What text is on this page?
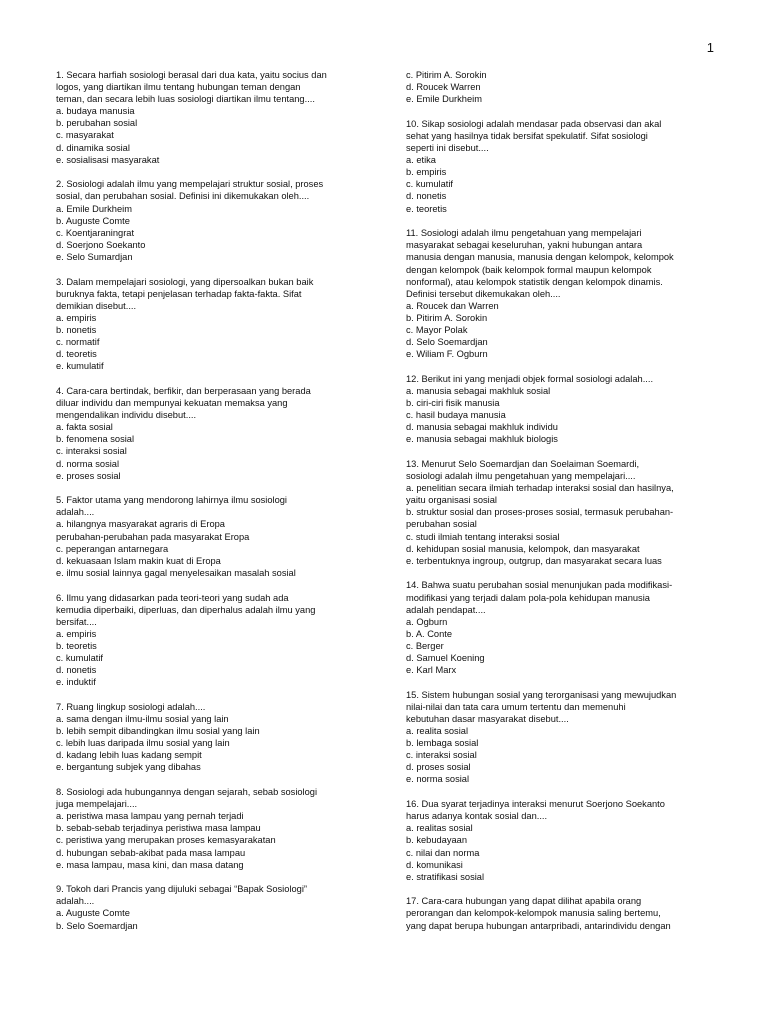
1
1. Secara harfiah sosiologi berasal dari dua kata, yaitu socius dan
logos, yang diartikan ilmu tentang hubungan teman dengan
teman, dan secara lebih luas sosiologi diartikan ilmu tentang....
a. budaya manusia
b. perubahan sosial
c. masyarakat
d. dinamika sosial
e. sosialisasi masyarakat
2. Sosiologi adalah ilmu yang mempelajari struktur sosial, proses
sosial, dan perubahan sosial. Definisi ini dikemukakan oleh....
a. Emile Durkheim
b. Auguste Comte
c. Koentjaraningrat
d. Soerjono Soekanto
e. Selo Sumardjan
3. Dalam mempelajari sosiologi, yang dipersoalkan bukan baik
buruknya fakta, tetapi penjelasan terhadap fakta-fakta. Sifat
demikian disebut....
a. empiris
b. nonetis
c. normatif
d. teoretis
e. kumulatif
4. Cara-cara bertindak, berfikir, dan berperasaan yang berada
diluar individu dan mempunyai kekuatan memaksa yang
mengendalikan individu disebut....
a. fakta sosial
b. fenomena sosial
c. interaksi sosial
d. norma sosial
e. proses sosial
5. Faktor utama yang mendorong lahirnya ilmu sosiologi
adalah....
a. hilangnya masyarakat agraris di Eropa
perubahan-perubahan pada masyarakat Eropa
c. peperangan antarnegara
d. kekuasaan Islam makin kuat di Eropa
e. ilmu sosial lainnya gagal menyelesaikan masalah sosial
6. Ilmu yang didasarkan pada teori-teori yang sudah ada
kemudia diperbaiki, diperluas, dan diperhalus adalah ilmu yang
bersifat....
a. empiris
b. teoretis
c. kumulatif
d. nonetis
e. induktif
7. Ruang lingkup sosiologi adalah....
a. sama dengan ilmu-ilmu sosial yang lain
b. lebih sempit dibandingkan ilmu sosial yang lain
c. lebih luas daripada ilmu sosial yang lain
d. kadang lebih luas kadang sempit
e. bergantung subjek yang dibahas
8. Sosiologi ada hubungannya dengan sejarah, sebab sosiologi
juga mempelajari....
a. peristiwa masa lampau yang pernah terjadi
b. sebab-sebab terjadinya peristiwa masa lampau
c. peristiwa yang merupakan proses kemasyarakatan
d. hubungan sebab-akibat pada masa lampau
e. masa lampau, masa kini, dan masa datang
9. Tokoh dari Prancis yang dijuluki sebagai “Bapak Sosiologi”
adalah....
a. Auguste Comte
b. Selo Soemardjan
c. Pitirim A. Sorokin
d. Roucek Warren
e. Emile Durkheim
10. Sikap sosiologi adalah mendasar pada observasi dan akal
sehat yang hasilnya tidak bersifat spekulatif. Sifat sosiologi
seperti ini disebut....
a. etika
b. empiris
c. kumulatif
d. nonetis
e. teoretis
11. Sosiologi adalah ilmu pengetahuan yang mempelajari
masyarakat sebagai keseluruhan, yakni hubungan antara
manusia dengan manusia, manusia dengan kelompok, kelompok
dengan kelompok (baik kelompok formal maupun kelompok
nonformal), atau kelompok statistik dengan kelompok dinamis.
Definisi tersebut dikemukakan oleh....
a. Roucek dan Warren
b. Pitirim A. Sorokin
c. Mayor Polak
d. Selo Soemardjan
e. Wiliam F. Ogburn
12. Berikut ini yang menjadi objek formal sosiologi adalah....
a. manusia sebagai makhluk sosial
b. ciri-ciri fisik manusia
c. hasil budaya manusia
d. manusia sebagai makhluk individu
e. manusia sebagai makhluk biologis
13. Menurut Selo Soemardjan dan Soelaiman Soemardi,
sosiologi adalah ilmu pengetahuan yang mempelajari....
a. penelitian secara ilmiah terhadap interaksi sosial dan hasilnya,
yaitu organisasi sosial
b. struktur sosial dan proses-proses sosial, termasuk perubahan-
perubahan sosial
c. studi ilmiah tentang interaksi sosial
d. kehidupan sosial manusia, kelompok, dan masyarakat
e. terbentuknya ingroup, outgrup, dan masyarakat secara luas
14. Bahwa suatu perubahan sosial menunjukan pada modifikasi-
modifikasi yang terjadi dalam pola-pola kehidupan manusia
adalah pendapat....
a. Ogburn
b. A. Conte
c. Berger
d. Samuel Koening
e. Karl Marx
15. Sistem hubungan sosial yang terorganisasi yang mewujudkan
nilai-nilai dan tata cara umum tertentu dan memenuhi
kebutuhan dasar masyarakat disebut....
a. realita sosial
b. lembaga sosial
c. interaksi sosial
d. proses sosial
e. norma sosial
16. Dua syarat terjadinya interaksi menurut Soerjono Soekanto
harus adanya kontak sosial dan....
a. realitas sosial
b. kebudayaan
c. nilai dan norma
d. komunikasi
e. stratifikasi sosial
17. Cara-cara hubungan yang dapat dilihat apabila orang
perorangan dan kelompok-kelompok manusia saling bertemu,
yang dapat berupa hubungan antarpribadi, antarindividu dengan
